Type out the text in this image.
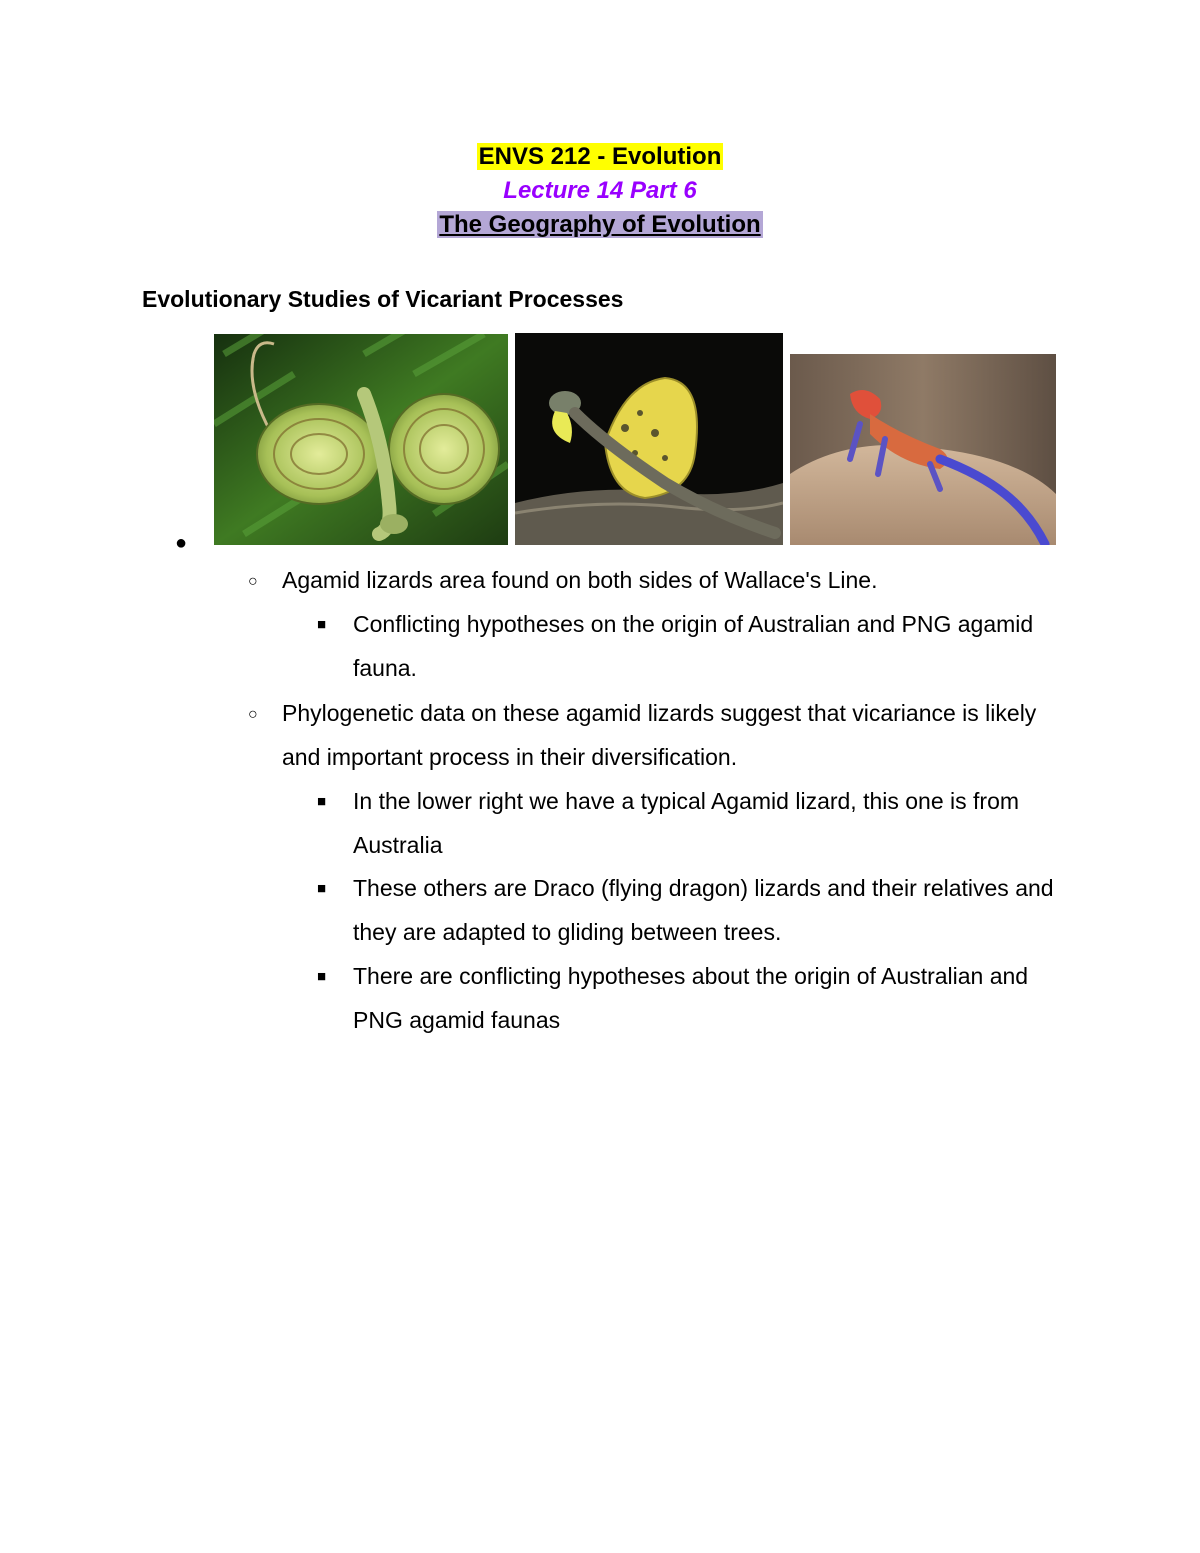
ENVS 212 - Evolution
Lecture 14 Part 6
The Geography of Evolution
Evolutionary Studies of Vicariant Processes
●
○ Agamid lizards area found on both sides of Wallace's Line.
■ Conflicting hypotheses on the origin of Australian and PNG agamid fauna.
○ Phylogenetic data on these agamid lizards suggest that vicariance is likely and important process in their diversification.
■ In the lower right we have a typical Agamid lizard, this one is from Australia
■ These others are Draco (flying dragon) lizards and their relatives and they are adapted to gliding between trees.
■ There are conflicting hypotheses about the origin of Australian and PNG agamid faunas
